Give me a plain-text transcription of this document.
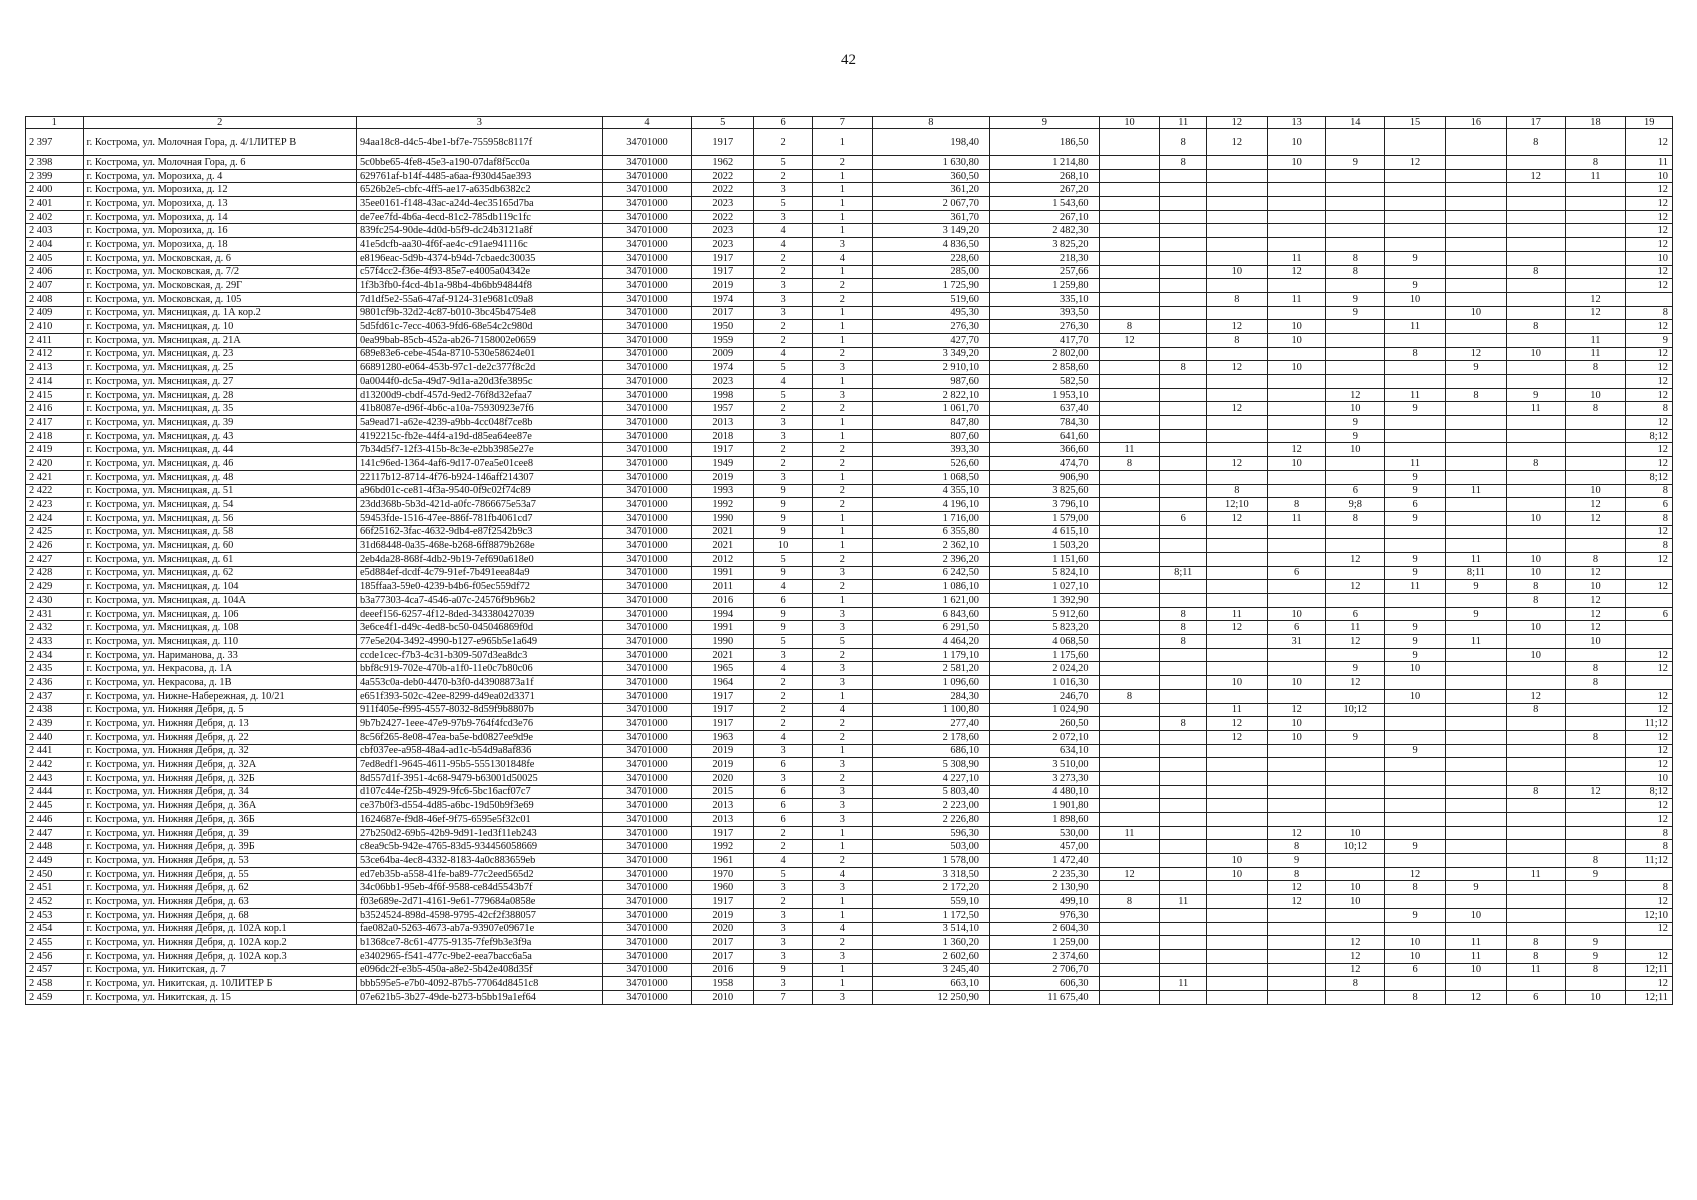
42
1	2	3	4	5	6	7	8	9	10	11	12	13	14	15	16	17	18	19
2 397	г. Кострома, ул. Молочная Гора, д. 4/1ЛИТЕР В	94aa18c8-d4c5-4be1-bf7e-755958c8117f	34701000	1917	2	1	198,40	186,50		8	12	10				8		12
2 398	г. Кострома, ул. Молочная Гора, д. 6	5c0bbe65-4fe8-45e3-a190-07daf8f5cc0a	34701000	1962	5	2	1 630,80	1 214,80		8		10	9	12			8	11
2 399	г. Кострома, ул. Морозиха, д. 4	629761af-b14f-4485-a6aa-f930d45ae393	34701000	2022	2	1	360,50	268,10								12	11	10
2 400	г. Кострома, ул. Морозиха, д. 12	6526b2e5-cbfc-4ff5-ae17-a635db6382c2	34701000	2022	3	1	361,20	267,20										12
2 401	г. Кострома, ул. Морозиха, д. 13	35ee0161-f148-43ac-a24d-4ec35165d7ba	34701000	2023	5	1	2 067,70	1 543,60										12
2 402	г. Кострома, ул. Морозиха, д. 14	de7ee7fd-4b6a-4ecd-81c2-785db119c1fc	34701000	2022	3	1	361,70	267,10										12
2 403	г. Кострома, ул. Морозиха, д. 16	839fc254-90de-4d0d-b5f9-dc24b3121a8f	34701000	2023	4	1	3 149,20	2 482,30										12
2 404	г. Кострома, ул. Морозиха, д. 18	41e5dcfb-aa30-4f6f-ae4c-c91ae941116c	34701000	2023	4	3	4 836,50	3 825,20										12
2 405	г. Кострома, ул. Московская, д. 6	e8196eac-5d9b-4374-b94d-7cbaedc30035	34701000	1917	2	4	228,60	218,30				11	8	9				10
2 406	г. Кострома, ул. Московская, д. 7/2	c57f4cc2-f36e-4f93-85e7-e4005a04342e	34701000	1917	2	1	285,00	257,66			10	12	8			8		12
2 407	г. Кострома, ул. Московская, д. 29Г	1f3b3fb0-f4cd-4b1a-98b4-4b6bb94844f8	34701000	2019	3	2	1 725,90	1 259,80						9				12
2 408	г. Кострома, ул. Московская, д. 105	7d1df5e2-55a6-47af-9124-31e9681c09a8	34701000	1974	3	2	519,60	335,10			8	11	9	10			12	
2 409	г. Кострома, ул. Мясницкая, д. 1А кор.2	9801cf9b-32d2-4c87-b010-3bc45b4754e8	34701000	2017	3	1	495,30	393,50					9		10		12	8
2 410	г. Кострома, ул. Мясницкая, д. 10	5d5fd61c-7ecc-4063-9fd6-68e54c2c980d	34701000	1950	2	1	276,30	276,30	8		12	10		11		8		12
2 411	г. Кострома, ул. Мясницкая, д. 21А	0ea99bab-85cb-452a-ab26-7158002e0659	34701000	1959	2	1	427,70	417,70	12		8	10					11	9
2 412	г. Кострома, ул. Мясницкая, д. 23	689e83e6-cebe-454a-8710-530e58624e01	34701000	2009	4	2	3 349,20	2 802,00						8	12	10	11	12
2 413	г. Кострома, ул. Мясницкая, д. 25	66891280-e064-453b-97c1-de2c377f8c2d	34701000	1974	5	3	2 910,10	2 858,60		8	12	10			9		8	12
2 414	г. Кострома, ул. Мясницкая, д. 27	0a0044f0-dc5a-49d7-9d1a-a20d3fe3895c	34701000	2023	4	1	987,60	582,50										12
2 415	г. Кострома, ул. Мясницкая, д. 28	d13200d9-cbdf-457d-9ed2-76f8d32efaa7	34701000	1998	5	3	2 822,10	1 953,10					12	11	8	9	10	12
2 416	г. Кострома, ул. Мясницкая, д. 35	41b8087e-d96f-4b6c-a10a-75930923e7f6	34701000	1957	2	2	1 061,70	637,40			12		10	9		11	8	8
2 417	г. Кострома, ул. Мясницкая, д. 39	5a9ead71-a62e-4239-a9bb-4cc048f7ce8b	34701000	2013	3	1	847,80	784,30					9					12
2 418	г. Кострома, ул. Мясницкая, д. 43	4192215c-fb2e-44f4-a19d-d85ea64ee87e	34701000	2018	3	1	807,60	641,60					9					8;12
2 419	г. Кострома, ул. Мясницкая, д. 44	7b34d5f7-12f3-415b-8c3e-e2bb3985e27e	34701000	1917	2	2	393,30	366,60	11			12	10					12
2 420	г. Кострома, ул. Мясницкая, д. 46	141c96ed-1364-4af6-9d17-07ea5e01cee8	34701000	1949	2	2	526,60	474,70	8		12	10		11		8		12
2 421	г. Кострома, ул. Мясницкая, д. 48	22117b12-8714-4f76-b924-146aff214307	34701000	2019	3	1	1 068,50	906,90						9				8;12
2 422	г. Кострома, ул. Мясницкая, д. 51	a96bd01c-ce81-4f3a-9540-0f9c02f74c89	34701000	1993	9	2	4 355,10	3 825,60			8		6	9	11		10	8
2 423	г. Кострома, ул. Мясницкая, д. 54	23dd368b-5b3d-421d-a0fc-7866675e53a7	34701000	1992	9	2	4 196,10	3 796,10			12;10	8	9;8	6			12	6
2 424	г. Кострома, ул. Мясницкая, д. 56	59453fde-1516-47ee-886f-781fb4061cd7	34701000	1990	9	1	1 716,00	1 579,00		6	12	11	8	9		10	12	8
2 425	г. Кострома, ул. Мясницкая, д. 58	66f25162-3fac-4632-9db4-e87f2542b9c3	34701000	2021	9	1	6 355,80	4 615,10										12
2 426	г. Кострома, ул. Мясницкая, д. 60	31d68448-0a35-468e-b268-6ff8879b268e	34701000	2021	10	1	2 362,10	1 503,20										8
2 427	г. Кострома, ул. Мясницкая, д. 61	2eb4da28-868f-4db2-9b19-7ef690a618e0	34701000	2012	5	2	2 396,20	1 151,60					12	9	11	10	8	12
2 428	г. Кострома, ул. Мясницкая, д. 62	e5d884ef-dcdf-4c79-91ef-7b491eea84a9	34701000	1991	9	3	6 242,50	5 824,10		8;11		6		9	8;11	10	12	
2 429	г. Кострома, ул. Мясницкая, д. 104	185ffaa3-59e0-4239-b4b6-f05ec559df72	34701000	2011	4	2	1 086,10	1 027,10					12	11	9	8	10	12
2 430	г. Кострома, ул. Мясницкая, д. 104А	b3a77303-4ca7-4546-a07c-24576f9b96b2	34701000	2016	6	1	1 621,00	1 392,90								8	12	
2 431	г. Кострома, ул. Мясницкая, д. 106	deeef156-6257-4f12-8ded-343380427039	34701000	1994	9	3	6 843,60	5 912,60		8	11	10	6		9		12	6
2 432	г. Кострома, ул. Мясницкая, д. 108	3e6ce4f1-d49c-4ed8-bc50-045046869f0d	34701000	1991	9	3	6 291,50	5 823,20		8	12	6	11	9		10	12	
2 433	г. Кострома, ул. Мясницкая, д. 110	77e5e204-3492-4990-b127-e965b5e1a649	34701000	1990	5	5	4 464,20	4 068,50		8		31	12	9	11		10	
2 434	г. Кострома, ул. Нариманова, д. 33	ccde1cec-f7b3-4c31-b309-507d3ea8dc3	34701000	2021	3	2	1 179,10	1 175,60						9		10		12
2 435	г. Кострома, ул. Некрасова, д. 1А	bbf8c919-702e-470b-a1f0-11e0c7b80c06	34701000	1965	4	3	2 581,20	2 024,20					9	10			8	12
2 436	г. Кострома, ул. Некрасова, д. 1В	4a553c0a-deb0-4470-b3f0-d43908873a1f	34701000	1964	2	3	1 096,60	1 016,30			10	10	12				8	
2 437	г. Кострома, ул. Нижне-Набережная, д. 10/21	e651f393-502c-42ee-8299-d49ea02d3371	34701000	1917	2	1	284,30	246,70	8					10		12		12
2 438	г. Кострома, ул. Нижняя Дебря, д. 5	911f405e-f995-4557-8032-8d59f9b8807b	34701000	1917	2	4	1 100,80	1 024,90			11	12	10;12			8		12
2 439	г. Кострома, ул. Нижняя Дебря, д. 13	9b7b2427-1eee-47e9-97b9-764f4fcd3e76	34701000	1917	2	2	277,40	260,50		8	12	10						11;12
2 440	г. Кострома, ул. Нижняя Дебря, д. 22	8c56f265-8e08-47ea-ba5e-bd0827ee9d9e	34701000	1963	4	2	2 178,60	2 072,10			12	10	9				8	12
2 441	г. Кострома, ул. Нижняя Дебря, д. 32	cbf037ee-a958-48a4-ad1c-b54d9a8af836	34701000	2019	3	1	686,10	634,10						9				12
2 442	г. Кострома, ул. Нижняя Дебря, д. 32А	7ed8edf1-9645-4611-95b5-5551301848fe	34701000	2019	6	3	5 308,90	3 510,00										12
2 443	г. Кострома, ул. Нижняя Дебря, д. 32Б	8d557d1f-3951-4c68-9479-b63001d50025	34701000	2020	3	2	4 227,10	3 273,30										10
2 444	г. Кострома, ул. Нижняя Дебря, д. 34	d107c44e-f25b-4929-9fc6-5bc16acf07c7	34701000	2015	6	3	5 803,40	4 480,10								8	12	8;12
2 445	г. Кострома, ул. Нижняя Дебря, д. 36А	ce37b0f3-d554-4d85-a6bc-19d50b9f3e69	34701000	2013	6	3	2 223,00	1 901,80										12
2 446	г. Кострома, ул. Нижняя Дебря, д. 36Б	1624687e-f9d8-46ef-9f75-6595e5f32c01	34701000	2013	6	3	2 226,80	1 898,60										12
2 447	г. Кострома, ул. Нижняя Дебря, д. 39	27b250d2-69b5-42b9-9d91-1ed3f11eb243	34701000	1917	2	1	596,30	530,00	11			12	10					8
2 448	г. Кострома, ул. Нижняя Дебря, д. 39Б	c8ea9c5b-942e-4765-83d5-934456058669	34701000	1992	2	1	503,00	457,00				8	10;12	9				8
2 449	г. Кострома, ул. Нижняя Дебря, д. 53	53ce64ba-4ec8-4332-8183-4a0c883659eb	34701000	1961	4	2	1 578,00	1 472,40			10	9					8	11;12
2 450	г. Кострома, ул. Нижняя Дебря, д. 55	ed7eb35b-a558-41fe-ba89-77c2eed565d2	34701000	1970	5	4	3 318,50	2 235,30	12		10	8		12		11	9	
2 451	г. Кострома, ул. Нижняя Дебря, д. 62	34c06bb1-95eb-4f6f-9588-ce84d5543b7f	34701000	1960	3	3	2 172,20	2 130,90				12	10	8	9			8
2 452	г. Кострома, ул. Нижняя Дебря, д. 63	f03e689e-2d71-4161-9e61-779684a0858e	34701000	1917	2	1	559,10	499,10	8	11		12	10					12
2 453	г. Кострома, ул. Нижняя Дебря, д. 68	b3524524-898d-4598-9795-42cf2f388057	34701000	2019	3	1	1 172,50	976,30						9	10			12;10
2 454	г. Кострома, ул. Нижняя Дебря, д. 102А кор.1	fae082a0-5263-4673-ab7a-93907e09671e	34701000	2020	3	4	3 514,10	2 604,30										12
2 455	г. Кострома, ул. Нижняя Дебря, д. 102А кор.2	b1368ce7-8c61-4775-9135-7fef9b3e3f9a	34701000	2017	3	2	1 360,20	1 259,00					12	10	11	8	9	
2 456	г. Кострома, ул. Нижняя Дебря, д. 102А кор.3	e3402965-f541-477c-9be2-eea7bacc6a5a	34701000	2017	3	3	2 602,60	2 374,60					12	10	11	8	9	12
2 457	г. Кострома, ул. Никитская, д. 7	e096dc2f-e3b5-450a-a8e2-5b42e408d35f	34701000	2016	9	1	3 245,40	2 706,70					12	6	10	11	8	12;11
2 458	г. Кострома, ул. Никитская, д. 10ЛИТЕР Б	bbb595e5-e7b0-4092-87b5-77064d8451c8	34701000	1958	3	1	663,10	606,30		11			8					12
2 459	г. Кострома, ул. Никитская, д. 15	07e621b5-3b27-49de-b273-b5bb19a1ef64	34701000	2010	7	3	12 250,90	11 675,40						8	12	6	10	12;11
